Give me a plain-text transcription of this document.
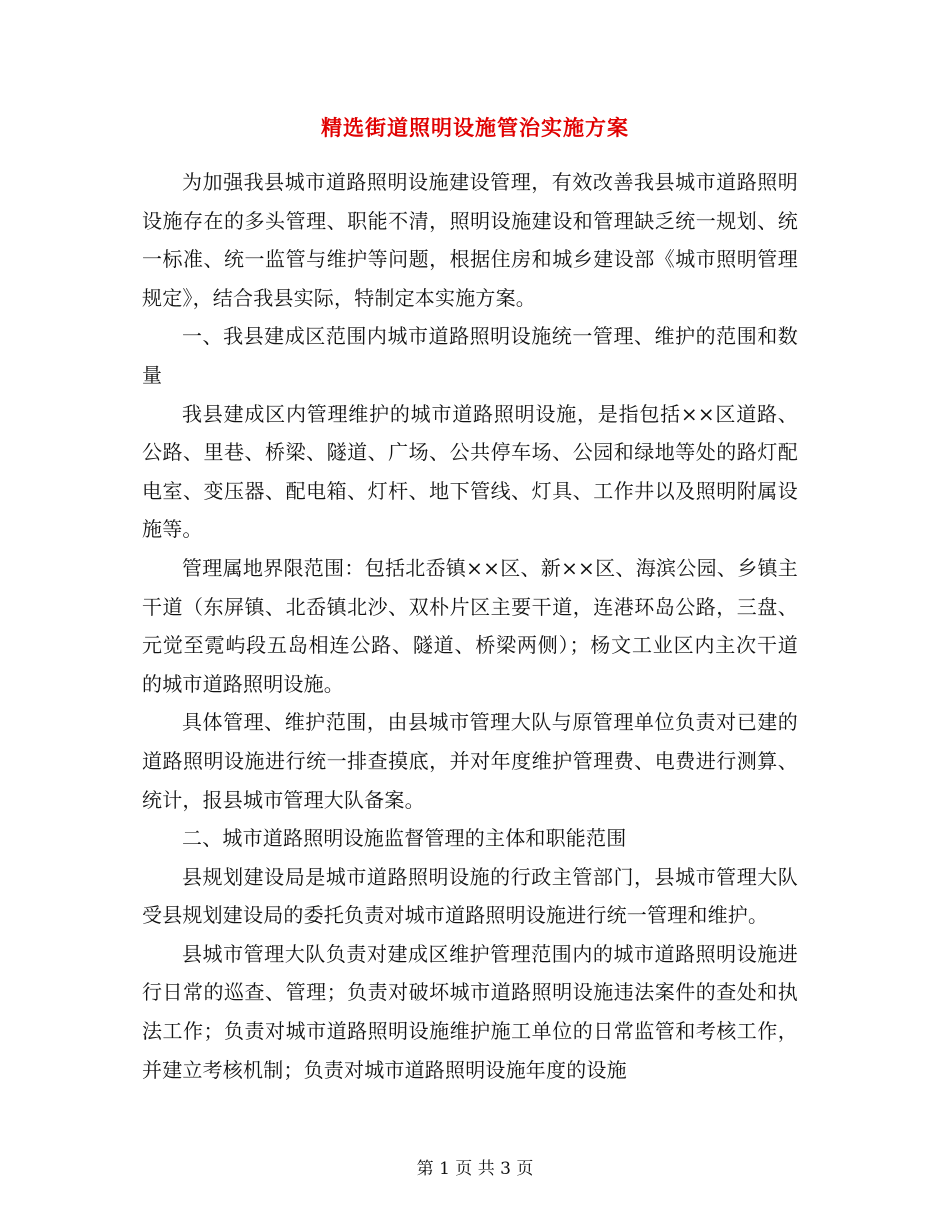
精选街道照明设施管治实施方案

为加强我县城市道路照明设施建设管理，有效改善我县城市道路照明设施存在的多头管理、职能不清，照明设施建设和管理缺乏统一规划、统一标准、统一监管与维护等问题，根据住房和城乡建设部《城市照明管理规定》，结合我县实际，特制定本实施方案。

一、我县建成区范围内城市道路照明设施统一管理、维护的范围和数量

我县建成区内管理维护的城市道路照明设施，是指包括××区道路、公路、里巷、桥梁、隧道、广场、公共停车场、公园和绿地等处的路灯配电室、变压器、配电箱、灯杆、地下管线、灯具、工作井以及照明附属设施等。

管理属地界限范围：包括北岙镇××区、新××区、海滨公园、乡镇主干道（东屏镇、北岙镇北沙、双朴片区主要干道，连港环岛公路，三盘、元觉至霓屿段五岛相连公路、隧道、桥梁两侧）；杨文工业区内主次干道的城市道路照明设施。

具体管理、维护范围，由县城市管理大队与原管理单位负责对已建的道路照明设施进行统一排查摸底，并对年度维护管理费、电费进行测算、统计，报县城市管理大队备案。

二、城市道路照明设施监督管理的主体和职能范围

县规划建设局是城市道路照明设施的行政主管部门，县城市管理大队受县规划建设局的委托负责对城市道路照明设施进行统一管理和维护。

县城市管理大队负责对建成区维护管理范围内的城市道路照明设施进行日常的巡查、管理；负责对破坏城市道路照明设施违法案件的查处和执法工作；负责对城市道路照明设施维护施工单位的日常监管和考核工作，并建立考核机制；负责对城市道路照明设施年度的设施

第 1 页 共 3 页
